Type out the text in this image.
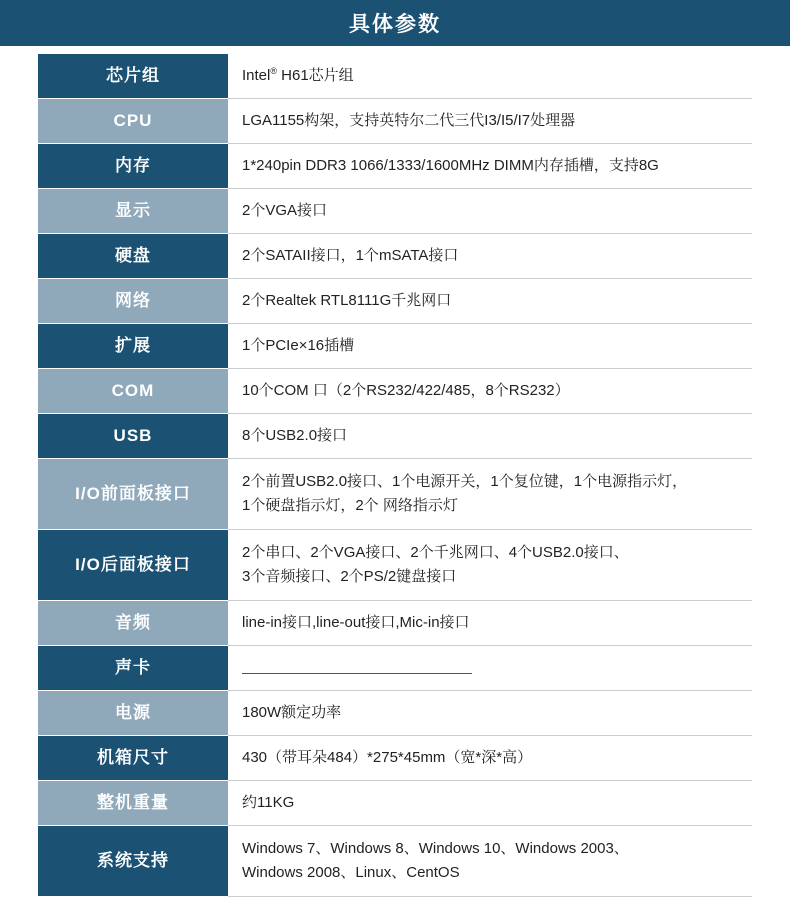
具体参数
芯片组	Intel® H61芯片组

CPU	LGA1155构架，支持英特尔二代三代I3/I5/I7处理器

内存	1*240pin DDR3 1066/1333/1600MHz DIMM内存插槽，支持8G

显示	2个VGA接口

硬盘	2个SATAII接口，1个mSATA接口

网络	2个Realtek RTL8111G千兆网口

扩展	1个PCIe×16插槽

COM	10个COM 口（2个RS232/422/485，8个RS232）

USB	8个USB2.0接口

I/O前面板接口	2个前置USB2.0接口、1个电源开关，1个复位键，1个电源指示灯，
1个硬盘指示灯，2个 网络指示灯

I/O后面板接口	2个串口、2个VGA接口、2个千兆网口、4个USB2.0接口、
3个音频接口、2个PS/2键盘接口

音频	line-in接口,line-out接口,Mic-in接口

声卡	
电源	180W额定功率

机箱尺寸	430（带耳朵484）*275*45mm（宽*深*高）

整机重量	约11KG

系统支持	Windows 7、Windows 8、Windows 10、Windows 2003、
Windows 2008、Linux、CentOS
